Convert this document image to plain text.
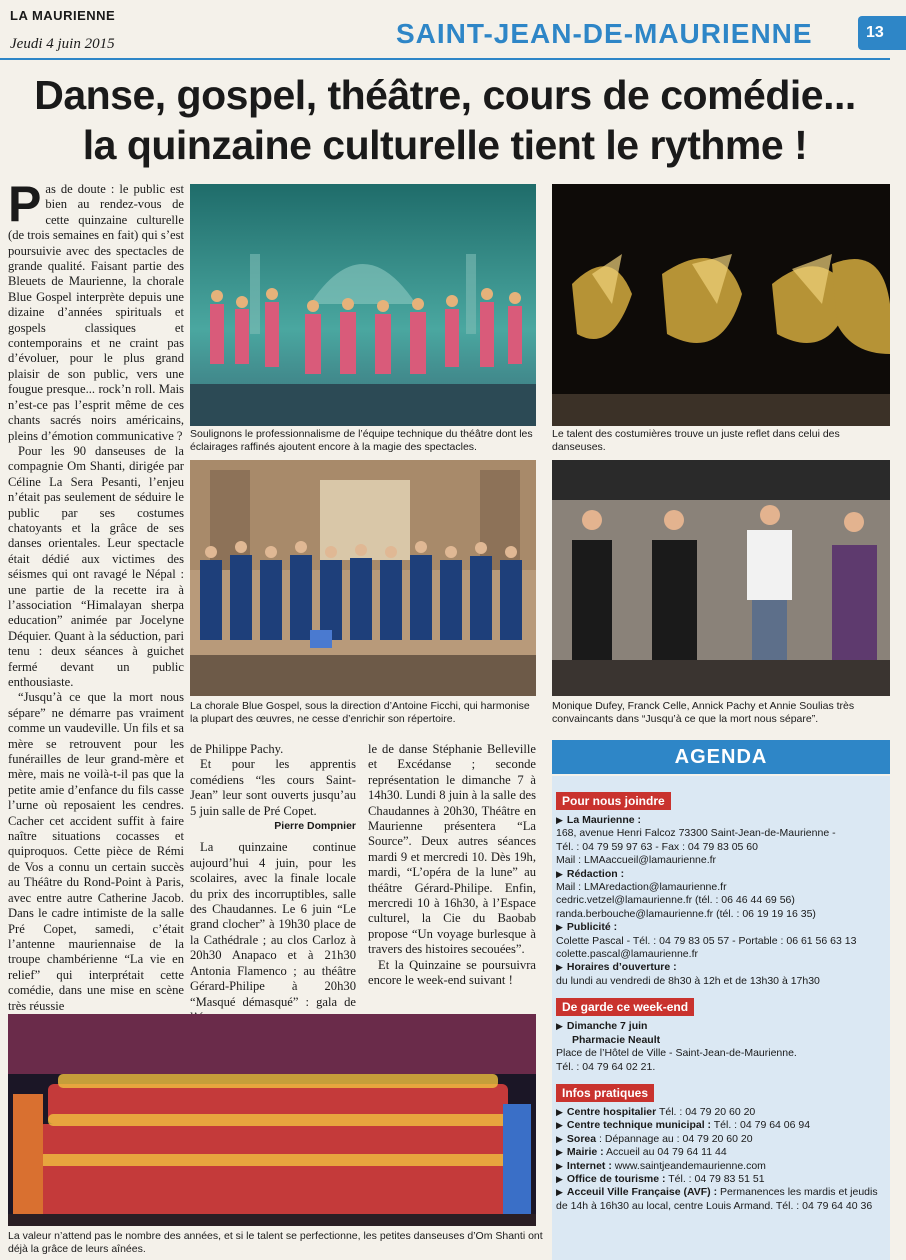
LA MAURIENNE
Jeudi 4 juin 2015	SAINT-JEAN-DE-MAURIENNE	13
Danse, gospel, théâtre, cours de comédie...
la quinzaine culturelle tient le rythme !

Pas de doute : le public est bien au rendez-vous de cette quinzaine culturelle (de trois semaines en fait) qui s’est poursuivie avec des spectacles de grande qualité. Faisant partie des Bleuets de Maurienne, la chorale Blue Gospel interprète depuis une dizaine d’années spirituals et gospels classiques et contemporains et ne craint pas d’évoluer, pour le plus grand plaisir de son public, vers une fougue presque... rock’n roll. Mais n’est-ce pas l’esprit même de ces chants sacrés noirs américains, pleins d’émotion communicative ?

Pour les 90 danseuses de la compagnie Om Shanti, dirigée par Céline La Sera Pesanti, l’enjeu n’était pas seulement de séduire le public par ses costumes chatoyants et la grâce de ses danses orientales. Leur spectacle était dédié aux victimes des séismes qui ont ravagé le Népal : une partie de la recette ira à l’association “Himalayan sherpa education” animée par Jocelyne Déquier. Quant à la séduction, pari tenu : deux séances à guichet fermé devant un public enthousiaste.

“Jusqu’à ce que la mort nous sépare” ne démarre pas vraiment comme un vaudeville. Un fils et sa mère se retrouvent pour les funérailles de leur grand-mère et mère, mais ne voilà-t-il pas que la petite amie d’enfance du fils casse l’urne où reposaient les cendres. Cacher cet accident suffit à faire naître situations cocasses et quiproquos. Cette pièce de Rémi de Vos a connu un certain succès au Théâtre du Rond-Point à Paris, avec entre autre Catherine Jacob. Dans le cadre intimiste de la salle Pré Copet, samedi, c’était l’antenne mauriennaise de la troupe chambérienne “La vie en relief” qui interprétait cette comédie, dans une mise en scène très réussie

Soulignons le professionnalisme de l’équipe technique du théâtre dont les éclairages raffinés ajoutent encore à la magie des spectacles.
Le talent des costumières trouve un juste reflet dans celui des danseuses.
La chorale Blue Gospel, sous la direction d’Antoine Ficchi, qui harmonise la plupart des œuvres, ne cesse d’enrichir son répertoire.
Monique Dufey, Franck Celle, Annick Pachy et Annie Soulias très convaincants dans “Jusqu’à ce que la mort nous sépare”.

de Philippe Pachy.

Et pour les apprentis comédiens “les cours Saint-Jean” leur sont ouverts jusqu’au 5 juin salle de Pré Copet.

Pierre Dompnier

La quinzaine continue aujourd’hui 4 juin, pour les scolaires, avec la finale locale du prix des incorruptibles, salle des Chaudannes. Le 6 juin “Le grand clocher” à 19h30 place de la Cathédrale ; au clos Carloz à 20h30 Anapaco et à 21h30 Antonia Flamenco ; au théâtre Gérard-Philipe à 20h30 “Masqué démasqué” : gala de

le de danse Stéphanie Belleville et Excédanse ; seconde représentation le dimanche 7 à 14h30. Lundi 8 juin à la salle des Chaudannes à 20h30, Théâtre en Maurienne présentera “La Source”. Deux autres séances mardi 9 et mercredi 10. Dès 19h, mardi, “L’opéra de la lune” au théâtre Gérard-Philipe. Enfin, mercredi 10 à 16h30, à l’Espace culturel, la Cie du Baobab propose “Un voyage burlesque à travers des histoires secouées”.

Et la Quinzaine se poursuivra encore le week-end suivant !

La valeur n’attend pas le nombre des années, et si le talent se perfectionne, les petites danseuses d’Om Shanti ont déjà la grâce de leurs aînées.
AGENDA
Pour nous joindre
▶ La Maurienne :
168, avenue Henri Falcoz 73300 Saint-Jean-de-Maurienne -
Tél. : 04 79 59 97 63 - Fax : 04 79 83 05 60
Mail : LMAaccueil@lamaurienne.fr
▶ Rédaction :
Mail : LMAredaction@lamaurienne.fr
cedric.vetzel@lamaurienne.fr (tél. : 06 46 44 69 56)
randa.berbouche@lamaurienne.fr (tél. : 06 19 19 16 35)
▶ Publicité :
Colette Pascal - Tél. : 04 79 83 05 57 - Portable : 06 61 56 63 13
colette.pascal@lamaurienne.fr
▶ Horaires d’ouverture :
du lundi au vendredi de 8h30 à 12h et de 13h30 à 17h30
De garde ce week-end
▶ Dimanche 7 juin
Pharmacie Neault
Place de l’Hôtel de Ville - Saint-Jean-de-Maurienne.
Tél. : 04 79 64 02 21.
Infos pratiques
▶ Centre hospitalier Tél. : 04 79 20 60 20
▶ Centre technique municipal : Tél. : 04 79 64 06 94
▶ Sorea : Dépannage au : 04 79 20 60 20
▶ Mairie : Accueil au 04 79 64 11 44
▶ Internet : www.saintjeandemaurienne.com
▶ Office de tourisme : Tél. : 04 79 83 51 51
▶ Acceuil Ville Française (AVF) : Permanences les mardis et jeudis de 14h à 16h30 au local, centre Louis Armand. Tél. : 04 79 64 40 36
